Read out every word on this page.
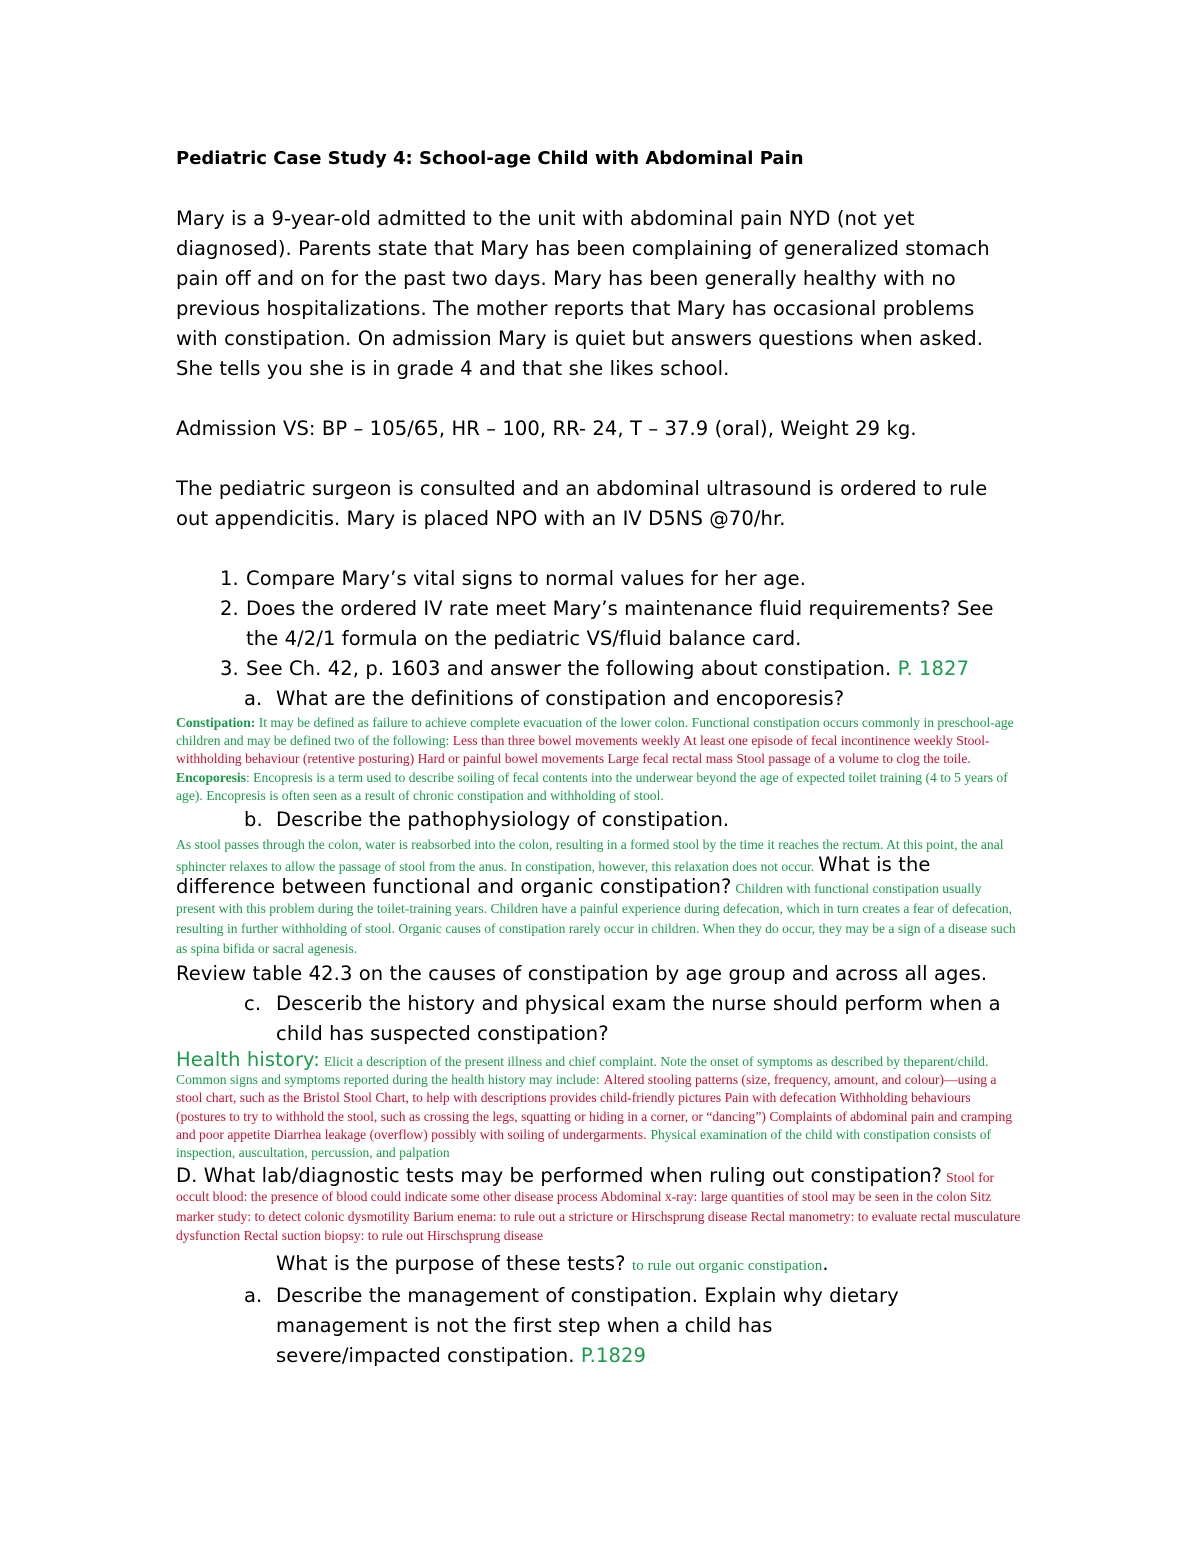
Pediatric Case Study 4: School-age Child with Abdominal Pain

Mary is a 9-year-old admitted to the unit with abdominal pain NYD (not yet diagnosed). Parents state that Mary has been complaining of generalized stomach pain off and on for the past two days. Mary has been generally healthy with no previous hospitalizations. The mother reports that Mary has occasional problems with constipation. On admission Mary is quiet but answers questions when asked. She tells you she is in grade 4 and that she likes school.

Admission VS: BP – 105/65, HR – 100, RR- 24, T – 37.9 (oral), Weight 29 kg.

The pediatric surgeon is consulted and an abdominal ultrasound is ordered to rule out appendicitis. Mary is placed NPO with an IV D5NS @70/hr.

1. Compare Mary’s vital signs to normal values for her age.
2. Does the ordered IV rate meet Mary’s maintenance fluid requirements? See the 4/2/1 formula on the pediatric VS/fluid balance card.
3. See Ch. 42, p. 1603 and answer the following about constipation. P. 1827
a. What are the definitions of constipation and encoporesis?

Constipation: It may be defined as failure to achieve complete evacuation of the lower colon. Functional constipation occurs commonly in preschool-age children and may be defined two of the following: Less than three bowel movements weekly At least one episode of fecal incontinence weekly Stool-withholding behaviour (retentive posturing) Hard or painful bowel movements Large fecal rectal mass Stool passage of a volume to clog the toile.
Encoporesis: Encopresis is a term used to describe soiling of fecal contents into the underwear beyond the age of expected toilet training (4 to 5 years of age). Encopresis is often seen as a result of chronic constipation and withholding of stool.

b. Describe the pathophysiology of constipation.

As stool passes through the colon, water is reabsorbed into the colon, resulting in a formed stool by the time it reaches the rectum. At this point, the anal sphincter relaxes to allow the passage of stool from the anus. In constipation, however, this relaxation does not occur. What is the difference between functional and organic constipation? Children with functional constipation usually present with this problem during the toilet-training years. Children have a painful experience during defecation, which in turn creates a fear of defecation, resulting in further withholding of stool. Organic causes of constipation rarely occur in children. When they do occur, they may be a sign of a disease such as spina bifida or sacral agenesis.

Review table 42.3 on the causes of constipation by age group and across all ages.

c. Descerib the history and physical exam the nurse should perform when a child has suspected constipation?

Health history: Elicit a description of the present illness and chief complaint. Note the onset of symptoms as described by theparent/child. Common signs and symptoms reported during the health history may include: Altered stooling patterns (size, frequency, amount, and colour)—using a stool chart, such as the Bristol Stool Chart, to help with descriptions provides child-friendly pictures Pain with defecation Withholding behaviours (postures to try to withhold the stool, such as crossing the legs, squatting or hiding in a corner, or “dancing”) Complaints of abdominal pain and cramping and poor appetite Diarrhea leakage (overflow) possibly with soiling of undergarments. Physical examination of the child with constipation consists of inspection, auscultation, percussion, and palpation

D. What lab/diagnostic tests may be performed when ruling out constipation? Stool for occult blood: the presence of blood could indicate some other disease process Abdominal x-ray: large quantities of stool may be seen in the colon Sitz marker study: to detect colonic dysmotility Barium enema: to rule out a stricture or Hirschsprung disease Rectal manometry: to evaluate rectal musculature dysfunction Rectal suction biopsy: to rule out Hirschsprung disease

What is the purpose of these tests? to rule out organic constipation.

a. Describe the management of constipation. Explain why dietary management is not the first step when a child has severe/impacted constipation. P.1829
